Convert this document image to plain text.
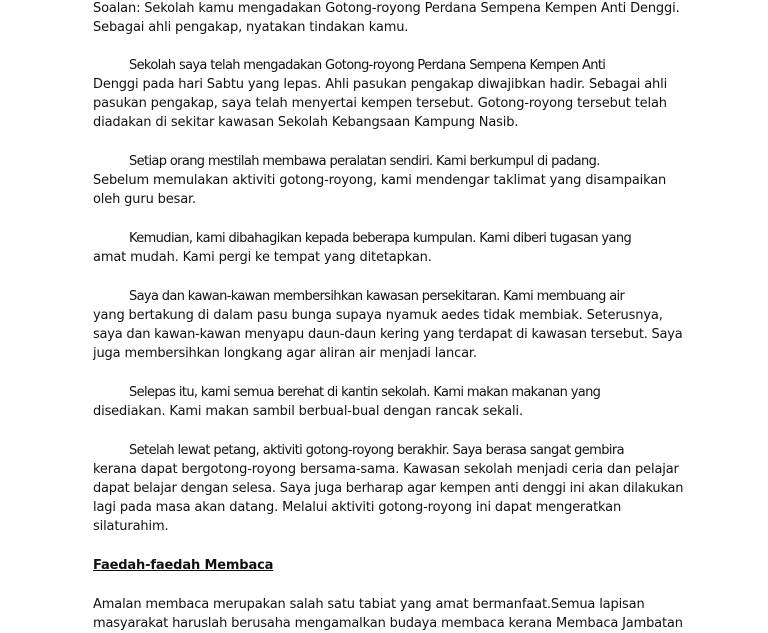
Soalan: Sekolah kamu mengadakan Gotong-royong Perdana Sempena Kempen Anti Denggi.
Sebagai ahli pengakap, nyatakan tindakan kamu.
Sekolah saya telah mengadakan Gotong-royong Perdana Sempena Kempen Anti
Denggi pada hari Sabtu yang lepas. Ahli pasukan pengakap diwajibkan hadir. Sebagai ahli
pasukan pengakap, saya telah menyertai kempen tersebut. Gotong-royong tersebut telah
diadakan di sekitar kawasan Sekolah Kebangsaan Kampung Nasib.
Setiap orang mestilah membawa peralatan sendiri. Kami berkumpul di padang.
Sebelum memulakan aktiviti gotong-royong, kami mendengar taklimat yang disampaikan
oleh guru besar.
Kemudian, kami dibahagikan kepada beberapa kumpulan. Kami diberi tugasan yang
amat mudah. Kami pergi ke tempat yang ditetapkan.
Saya dan kawan-kawan membersihkan kawasan persekitaran. Kami membuang air
yang bertakung di dalam pasu bunga supaya nyamuk aedes tidak membiak. Seterusnya,
saya dan kawan-kawan menyapu daun-daun kering yang terdapat di kawasan tersebut. Saya
juga membersihkan longkang agar aliran air menjadi lancar.
Selepas itu, kami semua berehat di kantin sekolah. Kami makan makanan yang
disediakan. Kami makan sambil berbual-bual dengan rancak sekali.
Setelah lewat petang, aktiviti gotong-royong berakhir. Saya berasa sangat gembira
kerana dapat bergotong-royong bersama-sama. Kawasan sekolah menjadi ceria dan pelajar
dapat belajar dengan selesa. Saya juga berharap agar kempen anti denggi ini akan dilakukan
lagi pada masa akan datang. Melalui aktiviti gotong-royong ini dapat mengeratkan
silaturahim.
Faedah-faedah Membaca
Amalan membaca merupakan salah satu tabiat yang amat bermanfaat.Semua lapisan
masyarakat haruslah berusaha mengamalkan budaya membaca kerana Membaca Jambatan
